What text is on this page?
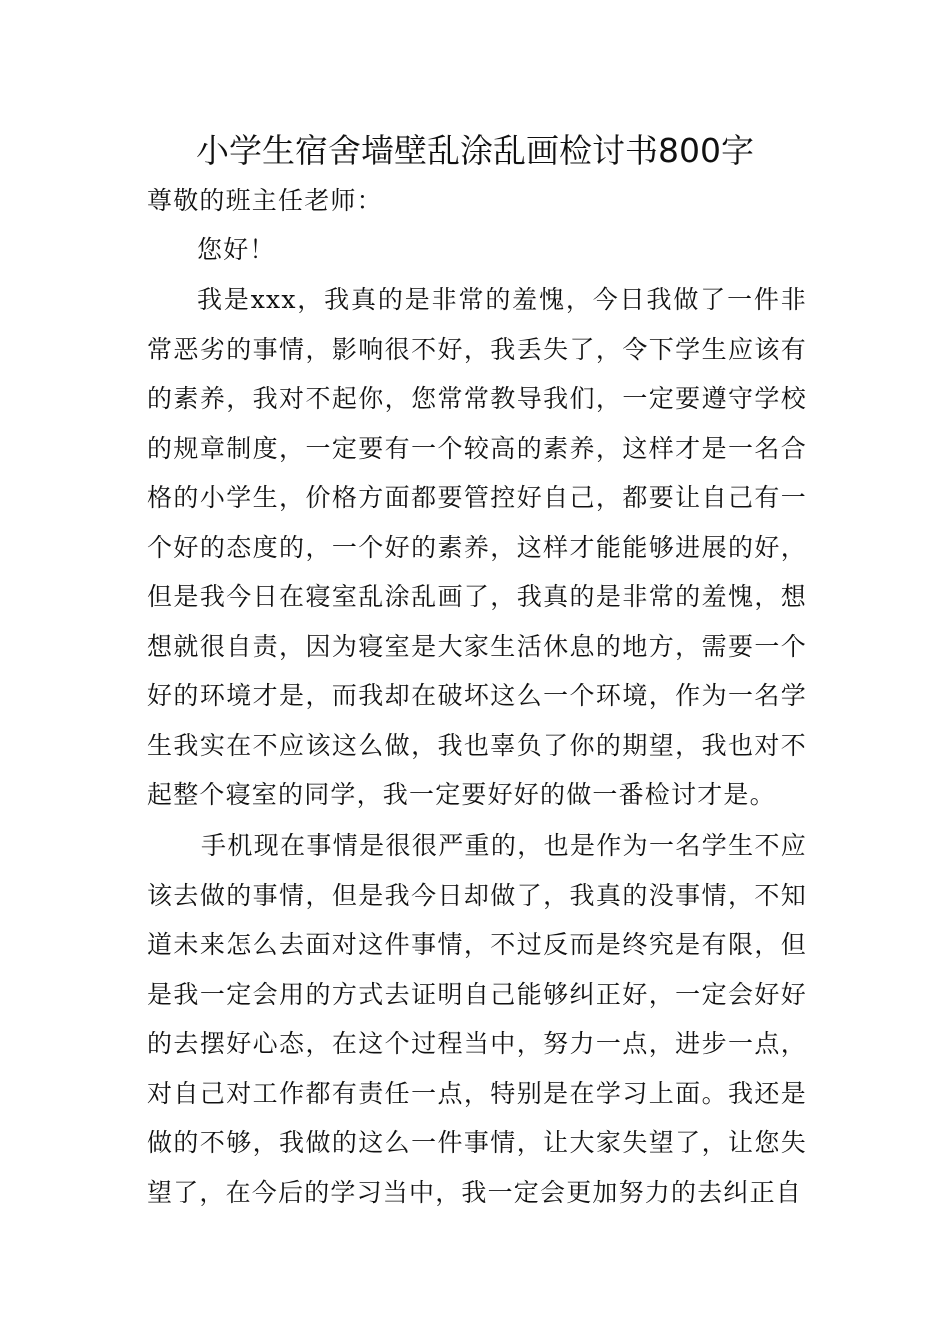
小学生宿舍墙壁乱涂乱画检讨书800字

尊敬的班主任老师：

您好！

我是xxx，我真的是非常的羞愧，今日我做了一件非常恶劣的事情，影响很不好，我丢失了，令下学生应该有的素养，我对不起你，您常常教导我们，一定要遵守学校的规章制度，一定要有一个较高的素养，这样才是一名合格的小学生，价格方面都要管控好自己，都要让自己有一个好的态度的，一个好的素养，这样才能能够进展的好，但是我今日在寝室乱涂乱画了，我真的是非常的羞愧，想想就很自责，因为寝室是大家生活休息的地方，需要一个好的环境才是，而我却在破坏这么一个环境，作为一名学生我实在不应该这么做，我也辜负了你的期望，我也对不起整个寝室的同学，我一定要好好的做一番检讨才是。

手机现在事情是很很严重的，也是作为一名学生不应该去做的事情，但是我今日却做了，我真的没事情，不知道未来怎么去面对这件事情，不过反而是终究是有限，但是我一定会用的方式去证明自己能够纠正好，一定会好好的去摆好心态，在这个过程当中，努力一点，进步一点，对自己对工作都有责任一点，特别是在学习上面。我还是做的不够，我做的这么一件事情，让大家失望了，让您失望了，在今后的学习当中，我一定会更加努力的去纠正自
